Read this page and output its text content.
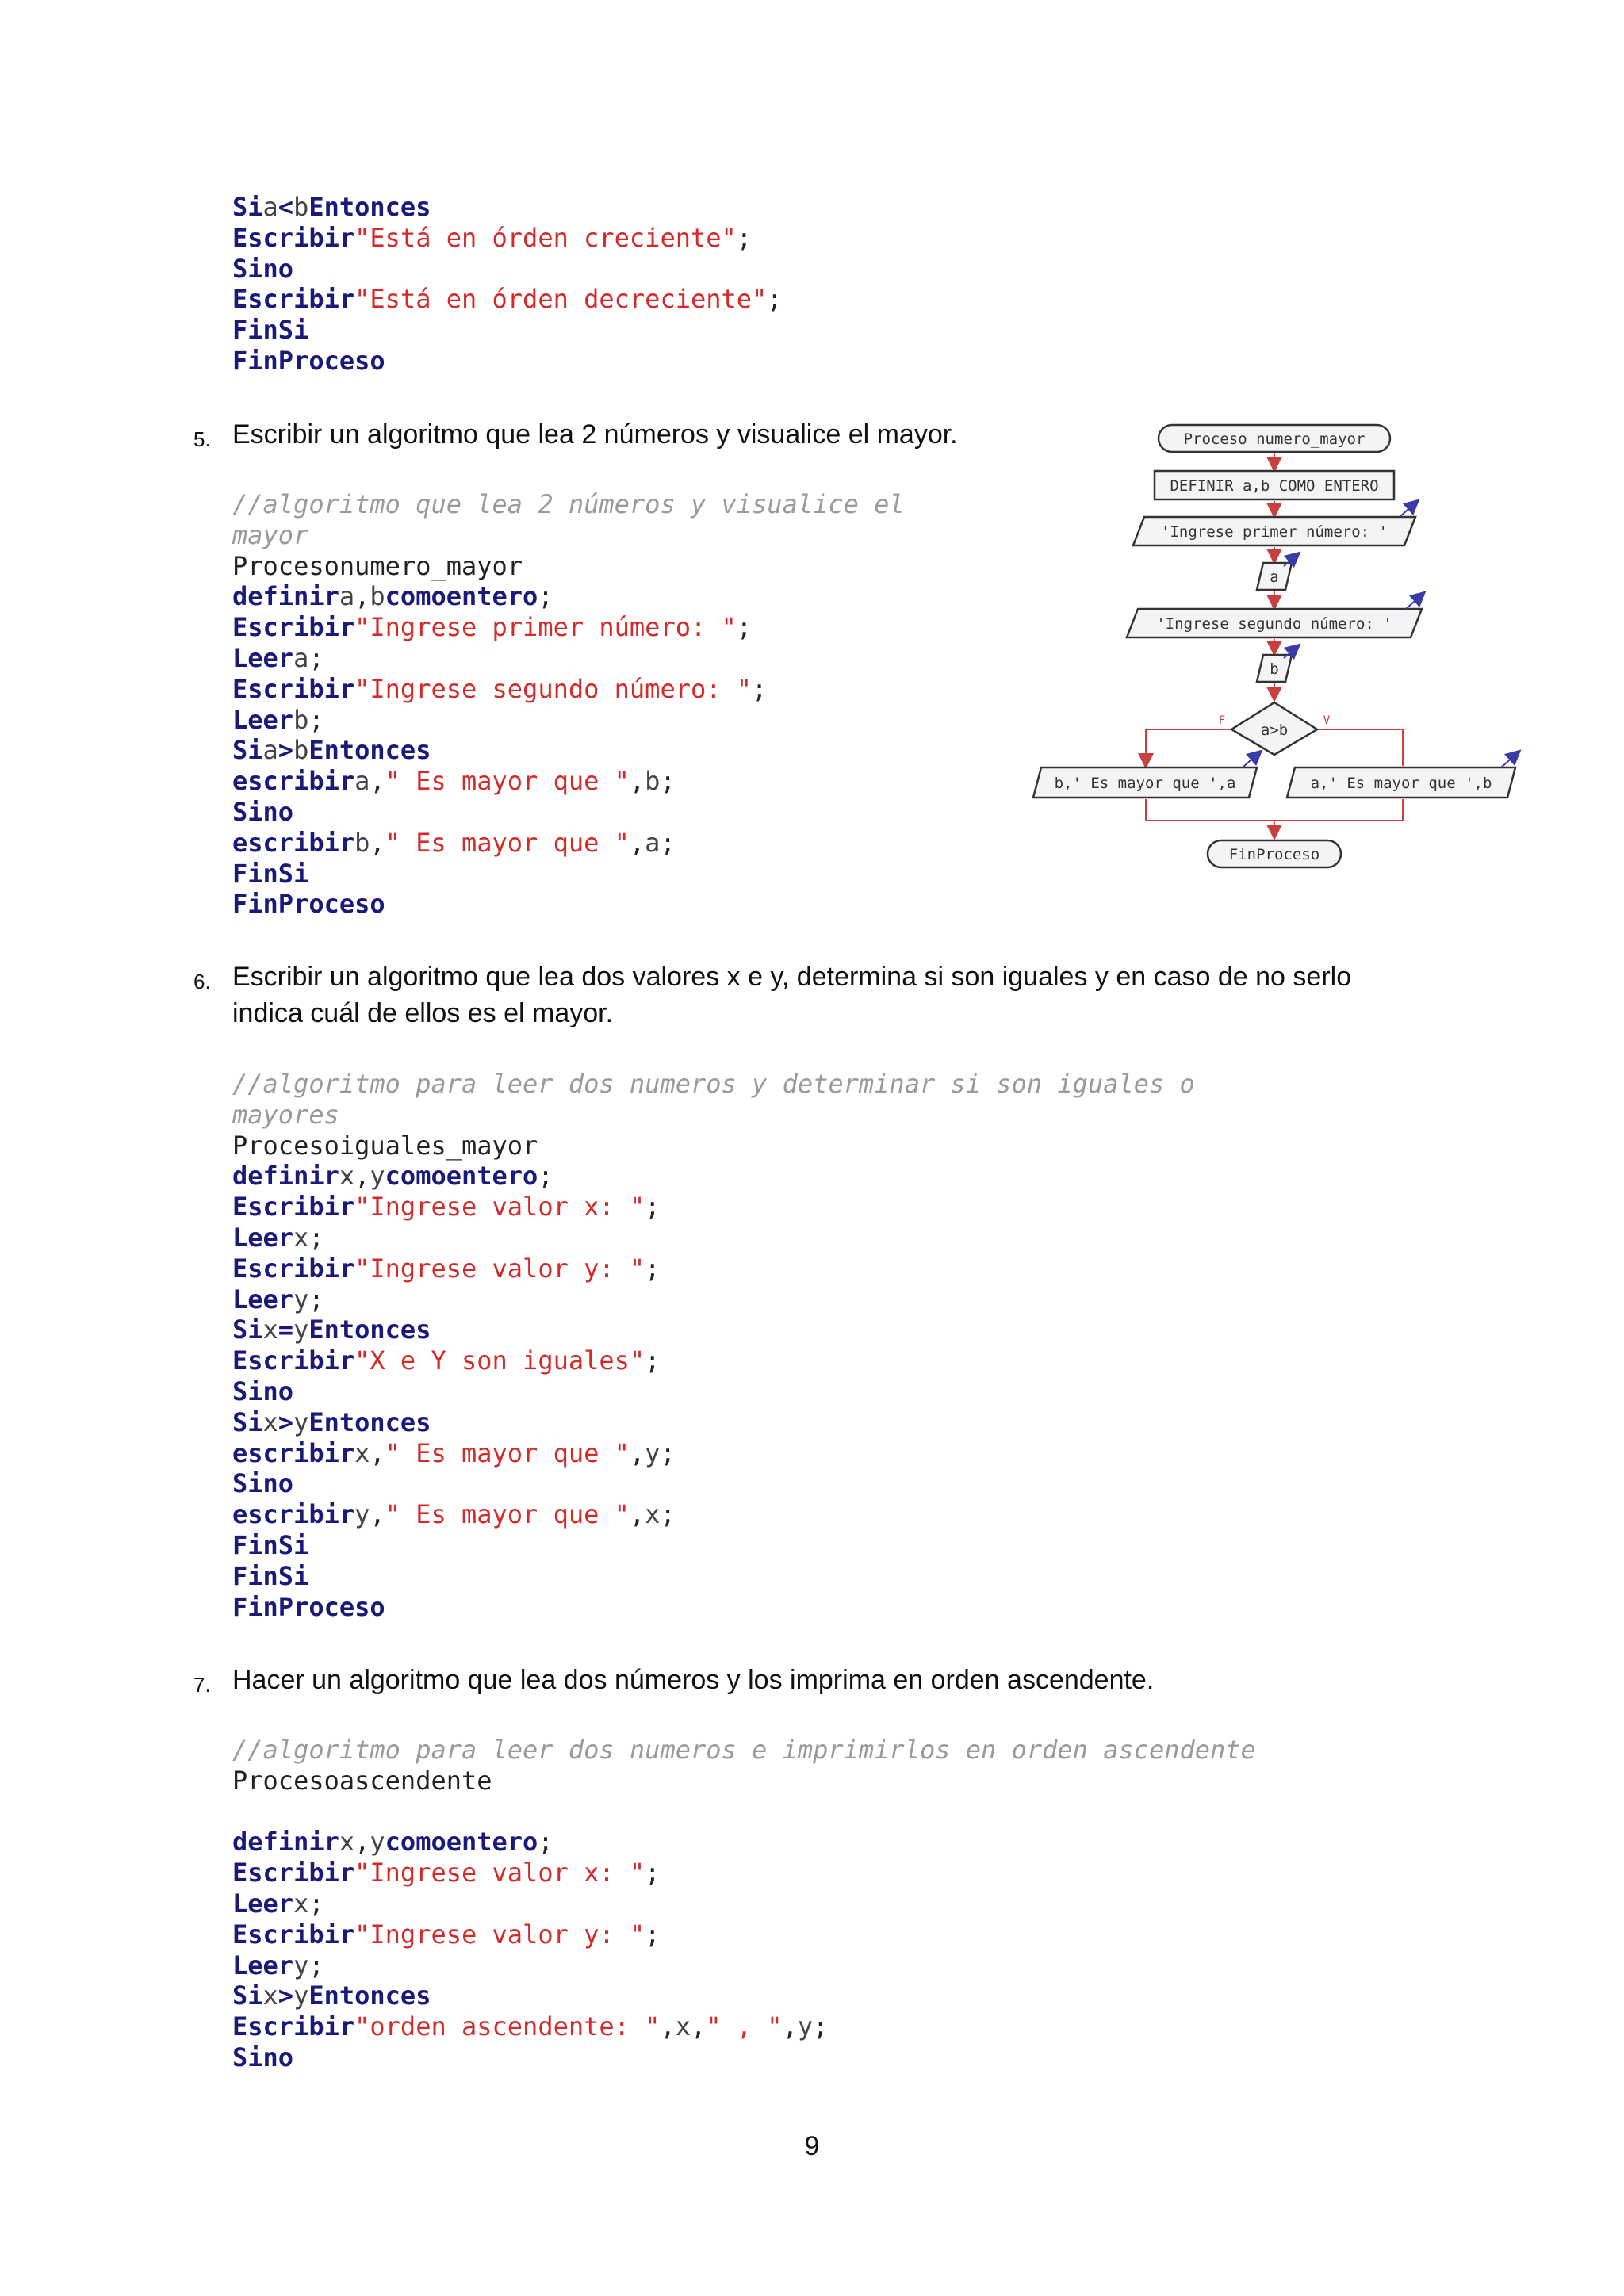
Sia<bEntonces
Escribir"Está en órden creciente";
Sino
Escribir"Está en órden decreciente";
FinSi
FinProceso
5. Escribir un algoritmo que lea 2 números y visualice el mayor.
//algoritmo que lea 2 números y visualice el
mayor
Procesonumero_mayor
definira,bcomoentero;
Escribir"Ingrese primer número: ";
Leera;
Escribir"Ingrese segundo número: ";
Leerb;
Sia>bEntonces
escribira," Es mayor que ",b;
Sino
escribirb," Es mayor que ",a;
FinSi
FinProceso
Proceso numero_mayor
DEFINIR a,b COMO ENTERO
'Ingrese primer número: '
a
'Ingrese segundo número: '
b
a>b
F	V
b,' Es mayor que ',a	a,' Es mayor que ',b
FinProceso
6. Escribir un algoritmo que lea dos valores x e y, determina si son iguales y en caso de no serlo
indica cuál de ellos es el mayor.
//algoritmo para leer dos numeros y determinar si son iguales o
mayores
Procesoiguales_mayor
definirx,ycomoentero;
Escribir"Ingrese valor x: ";
Leerx;
Escribir"Ingrese valor y: ";
Leery;
Six=yEntonces
Escribir"X e Y son iguales";
Sino
Six>yEntonces
escribirx," Es mayor que ",y;
Sino
escribiry," Es mayor que ",x;
FinSi
FinSi
FinProceso
7. Hacer un algoritmo que lea dos números y los imprima en orden ascendente.
//algoritmo para leer dos numeros e imprimirlos en orden ascendente
Procesoascendente

definirx,ycomoentero;
Escribir"Ingrese valor x: ";
Leerx;
Escribir"Ingrese valor y: ";
Leery;
Six>yEntonces
Escribir"orden ascendente: ",x," , ",y;
Sino
9
